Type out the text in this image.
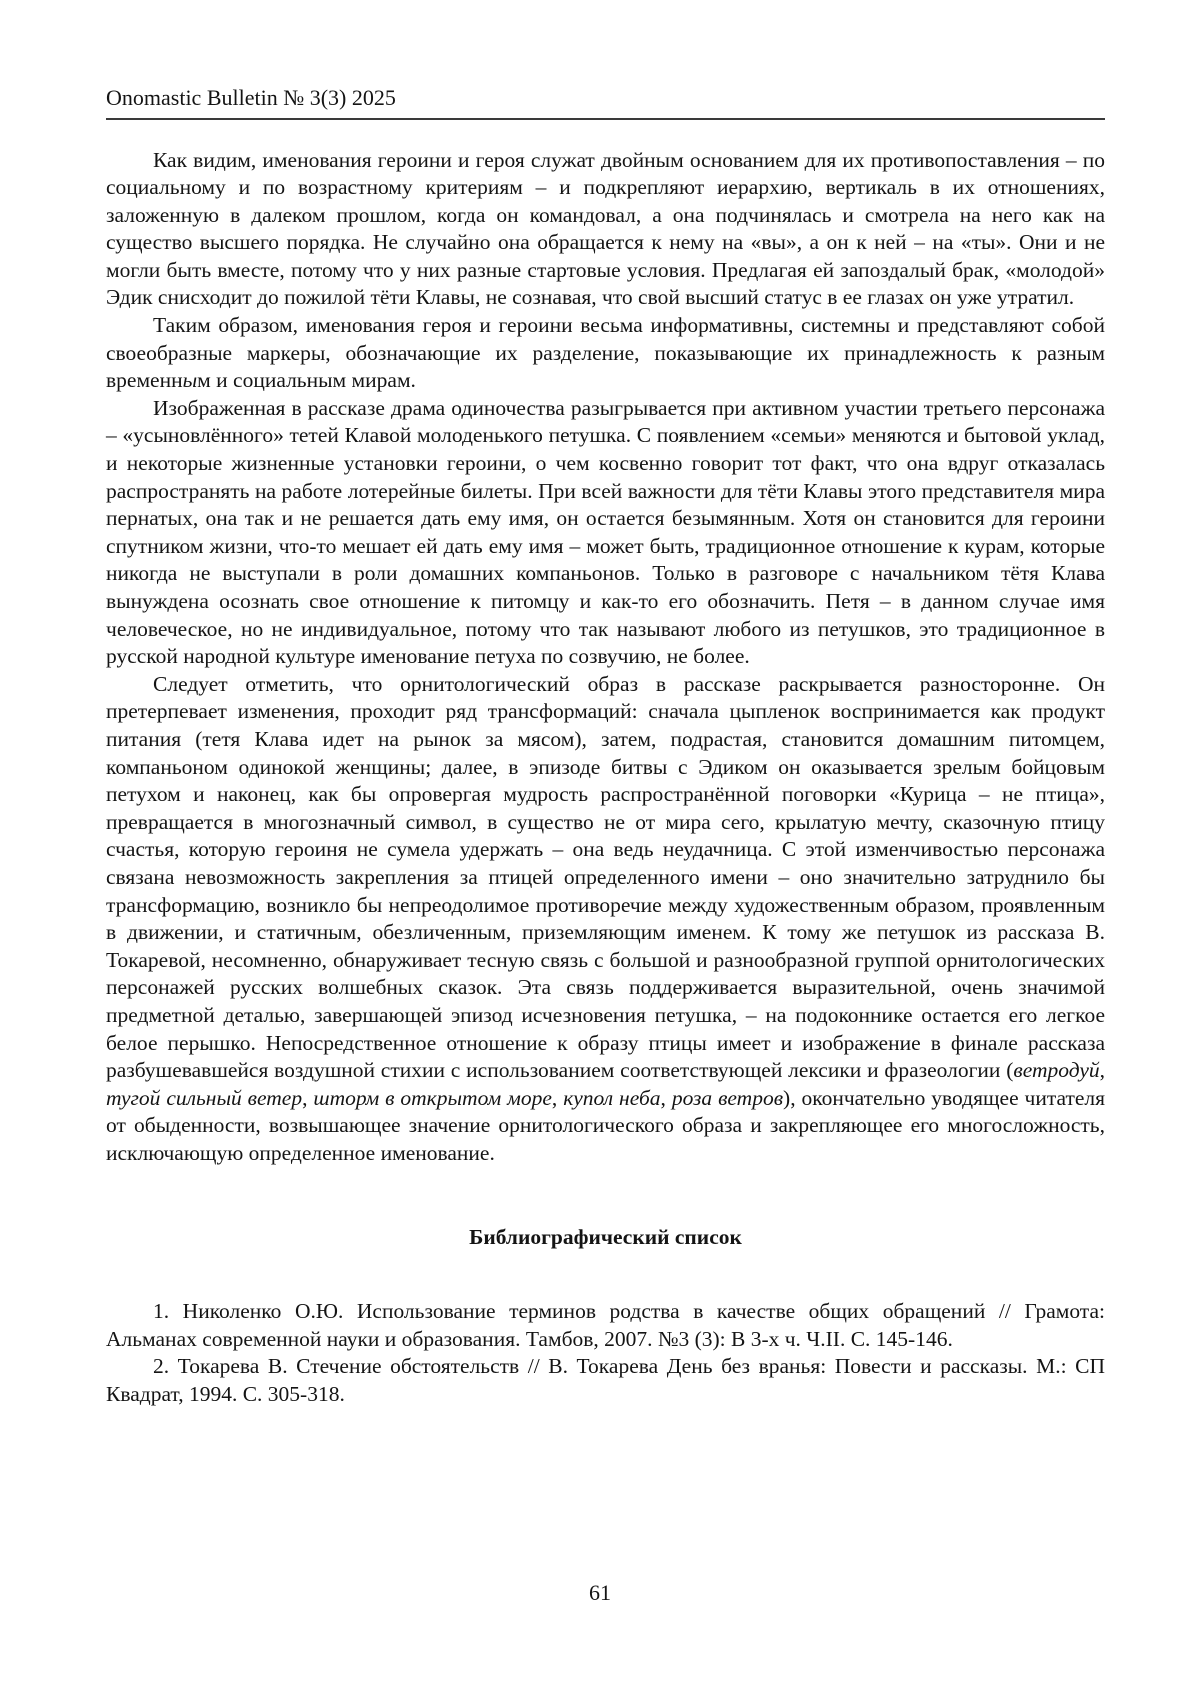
Onomastic Bulletin № 3(3) 2025

Как видим, именования героини и героя служат двойным основанием для их противопоставления – по социальному и по возрастному критериям – и подкрепляют иерархию, вертикаль в их отношениях, заложенную в далеком прошлом, когда он командовал, а она подчинялась и смотрела на него как на существо высшего порядка. Не случайно она обращается к нему на «вы», а он к ней – на «ты». Они и не могли быть вместе, потому что у них разные стартовые условия. Предлагая ей запоздалый брак, «молодой» Эдик снисходит до пожилой тёти Клавы, не сознавая, что свой высший статус в ее глазах он уже утратил.

Таким образом, именования героя и героини весьма информативны, системны и представляют собой своеобразные маркеры, обозначающие их разделение, показывающие их принадлежность к разным временным и социальным мирам.

Изображенная в рассказе драма одиночества разыгрывается при активном участии третьего персонажа – «усыновлённого» тетей Клавой молоденького петушка. С появлением «семьи» меняются и бытовой уклад, и некоторые жизненные установки героини, о чем косвенно говорит тот факт, что она вдруг отказалась распространять на работе лотерейные билеты. При всей важности для тёти Клавы этого представителя мира пернатых, она так и не решается дать ему имя, он остается безымянным. Хотя он становится для героини спутником жизни, что-то мешает ей дать ему имя – может быть, традиционное отношение к курам, которые никогда не выступали в роли домашних компаньонов. Только в разговоре с начальником тётя Клава вынуждена осознать свое отношение к питомцу и как-то его обозначить. Петя – в данном случае имя человеческое, но не индивидуальное, потому что так называют любого из петушков, это традиционное в русской народной культуре именование петуха по созвучию, не более.

Следует отметить, что орнитологический образ в рассказе раскрывается разносторонне. Он претерпевает изменения, проходит ряд трансформаций: сначала цыпленок воспринимается как продукт питания (тетя Клава идет на рынок за мясом), затем, подрастая, становится домашним питомцем, компаньоном одинокой женщины; далее, в эпизоде битвы с Эдиком он оказывается зрелым бойцовым петухом и наконец, как бы опровергая мудрость распространённой поговорки «Курица – не птица», превращается в многозначный символ, в существо не от мира сего, крылатую мечту, сказочную птицу счастья, которую героиня не сумела удержать – она ведь неудачница. С этой изменчивостью персонажа связана невозможность закрепления за птицей определенного имени – оно значительно затруднило бы трансформацию, возникло бы непреодолимое противоречие между художественным образом, проявленным в движении, и статичным, обезличенным, приземляющим именем. К тому же петушок из рассказа В. Токаревой, несомненно, обнаруживает тесную связь с большой и разнообразной группой орнитологических персонажей русских волшебных сказок. Эта связь поддерживается выразительной, очень значимой предметной деталью, завершающей эпизод исчезновения петушка, – на подоконнике остается его легкое белое перышко. Непосредственное отношение к образу птицы имеет и изображение в финале рассказа разбушевавшейся воздушной стихии с использованием соответствующей лексики и фразеологии (ветродуй, тугой сильный ветер, шторм в открытом море, купол неба, роза ветров), окончательно уводящее читателя от обыденности, возвышающее значение орнитологического образа и закрепляющее его многосложность, исключающую определенное именование.

Библиографический список

1. Николенко О.Ю. Использование терминов родства в качестве общих обращений // Грамота: Альманах современной науки и образования. Тамбов, 2007. №3 (3): В 3-х ч. Ч.II. С. 145-146.

2. Токарева В. Стечение обстоятельств // В. Токарева День без вранья: Повести и рассказы. М.: СП Квадрат, 1994. С. 305-318.

61
